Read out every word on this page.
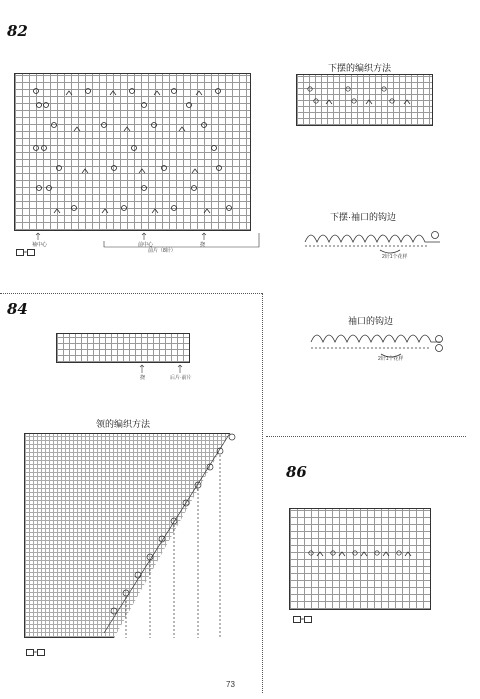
82
袖中心	前中心	挠
前片（8针）
=
下摆的编织方法
下摆·袖口的钩边
2针1个花样
84
挠	后片·前片
袖口的钩边
2针1个花样
领的编织方法
=
86
=
73
